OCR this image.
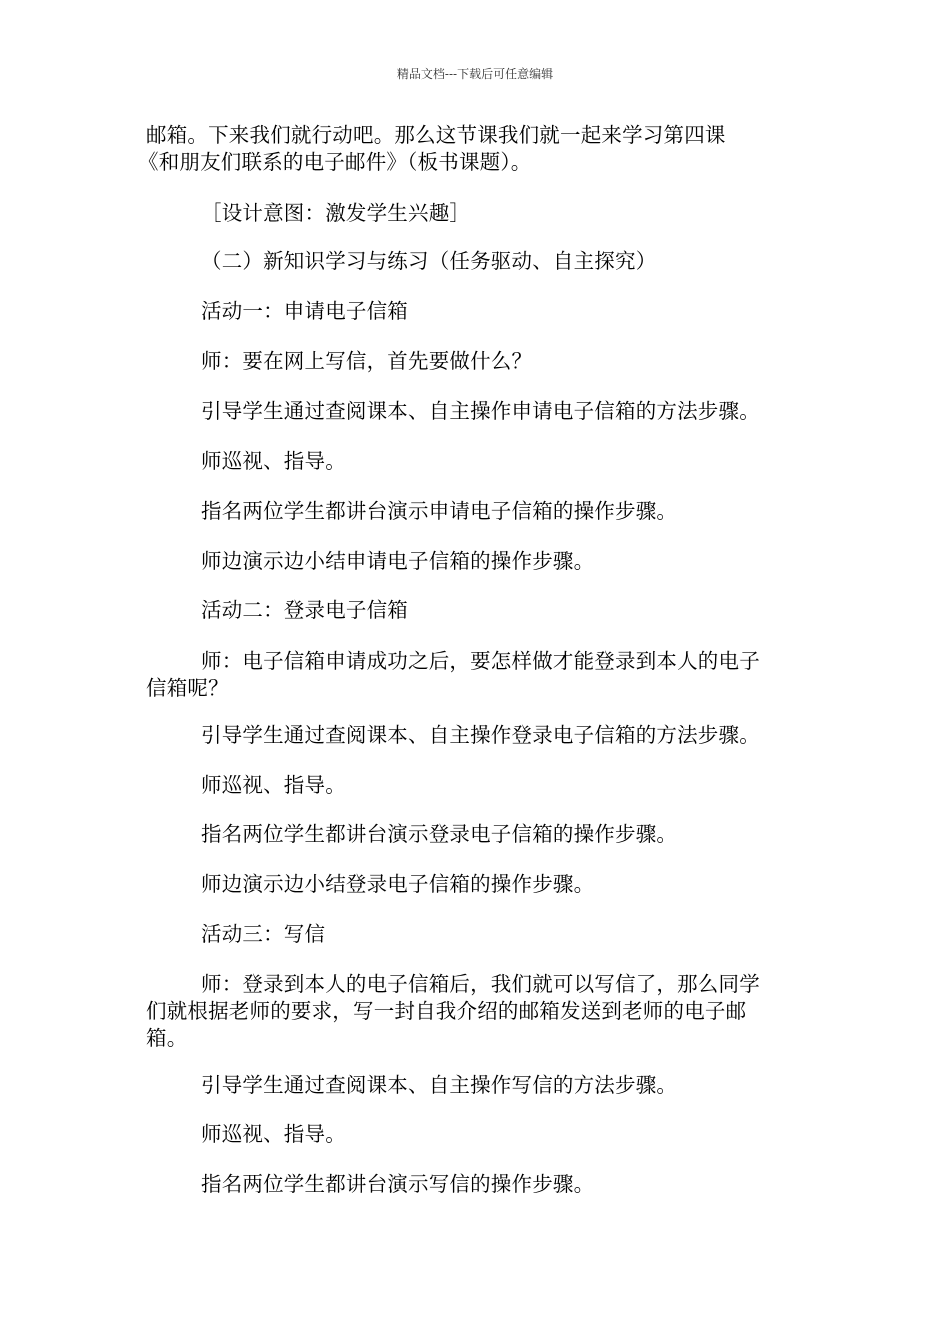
精品文档---下载后可任意编辑

邮箱。下来我们就行动吧。那么这节课我们就一起来学习第四课
《和朋友们联系的电子邮件》（板书课题）。

［设计意图：激发学生兴趣］

（二）新知识学习与练习（任务驱动、自主探究）

活动一：申请电子信箱

师：要在网上写信，首先要做什么？

引导学生通过查阅课本、自主操作申请电子信箱的方法步骤。

师巡视、指导。

指名两位学生都讲台演示申请电子信箱的操作步骤。

师边演示边小结申请电子信箱的操作步骤。

活动二：登录电子信箱

师：电子信箱申请成功之后，要怎样做才能登录到本人的电子
信箱呢？

引导学生通过查阅课本、自主操作登录电子信箱的方法步骤。

师巡视、指导。

指名两位学生都讲台演示登录电子信箱的操作步骤。

师边演示边小结登录电子信箱的操作步骤。

活动三：写信

师：登录到本人的电子信箱后，我们就可以写信了，那么同学
们就根据老师的要求，写一封自我介绍的邮箱发送到老师的电子邮
箱。

引导学生通过查阅课本、自主操作写信的方法步骤。

师巡视、指导。

指名两位学生都讲台演示写信的操作步骤。
